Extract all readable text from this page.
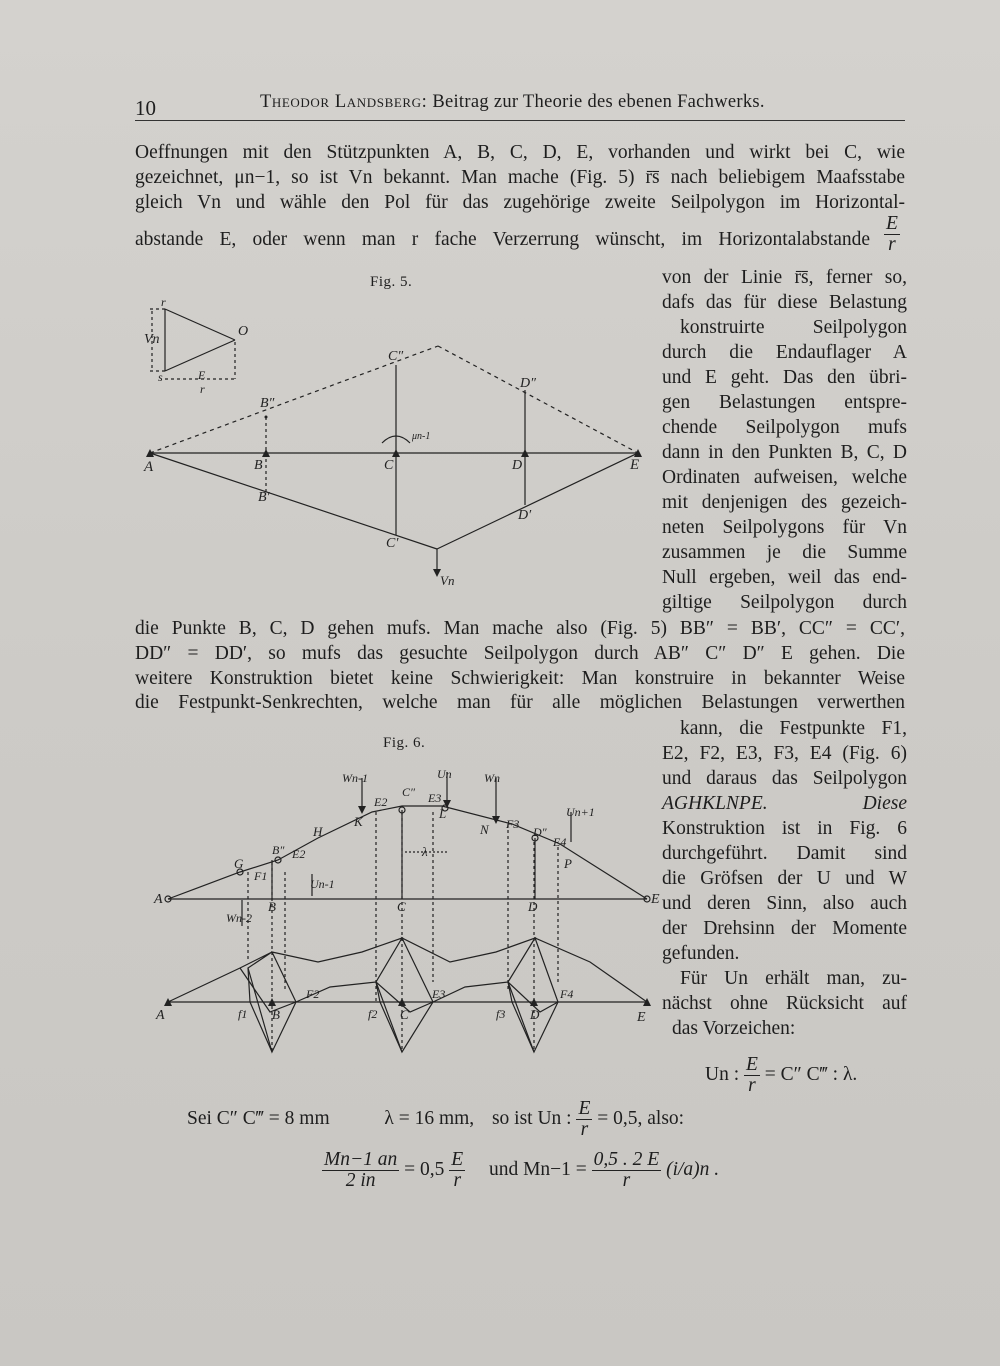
10	Theodor Landsberg: Beitrag zur Theorie des ebenen Fachwerks.
Oeffnungen mit den Stützpunkten A, B, C, D, E, vorhanden und wirkt bei C, wie
gezeichnet, μn−1, so ist Vn bekannt. Man mache (Fig. 5) r̄s̄ nach beliebigem Maafsstabe
gleich Vn und wähle den Pol für das zugehörige zweite Seilpolygon im Horizontal-
abstande E, oder wenn man r fache Verzerrung wünscht, im Horizontalabstande $\frac{E}{r}$
Fig. 5.	von der Linie r̄s̄, ferner so,
dafs das für diese Belastung
konstruirte Seilpolygon
durch die Endauflager A
und E geht. Das den übri-
gen Belastungen entspre-
chende Seilpolygon mufs
dann in den Punkten B, C, D
Ordinaten aufweisen, welche
mit denjenigen des gezeich-
neten Seilpolygons für Vn
zusammen je die Summe
Null ergeben, weil das end-
giltige Seilpolygon durch
r
s
O
Vn
E
r
A	B	C	D	E
B′
C′
D′
B″
C″
D″
μn-1
Vn
die Punkte B, C, D gehen mufs. Man mache also (Fig. 5) BB″ = BB′, CC″ = CC′,
DD″ = DD′, so mufs das gesuchte Seilpolygon durch AB″ C″ D″ E gehen. Die
weitere Konstruktion bietet keine Schwierigkeit: Man konstruire in bekannter Weise
die Festpunkt-Senkrechten, welche man für alle möglichen Belastungen verwerthen
Fig. 6.
kann, die Festpunkte F1,
E2, F2, E3, F3, E4 (Fig. 6)
und daraus das Seilpolygon
AGHKLNPE. Diese
Konstruktion ist in Fig. 6
durchgeführt. Damit sind
die Gröfsen der U und W
und deren Sinn, also auch
der Drehsinn der Momente
gefunden.
Für Un erhält man, zu-
nächst ohne Rücksicht auf
das Vorzeichen:
Un : $\frac{E}{r} = C''$ C‴ : λ.
A	B	C	D	E
G
H
K
L
N
P
F1
E2
E2
E3
F3
E4
B″
C″
D″
Wn-1	Un	Wn
Un+1
Un-1
Wn-2
λ
A	B	C	D	E
f1	f2	f3
F2	E3	F4
Sei C″ C‴ = 8 mm	λ = 16 mm, so ist Un : $\frac{E}{r} = 0,5$, also:
$\frac{Mn-1 an}{2 in} = 0,5 \frac{E}{r}$ und $Mn-1 = \frac{0,5 . 2 E}{r} (i/a)n$ .
